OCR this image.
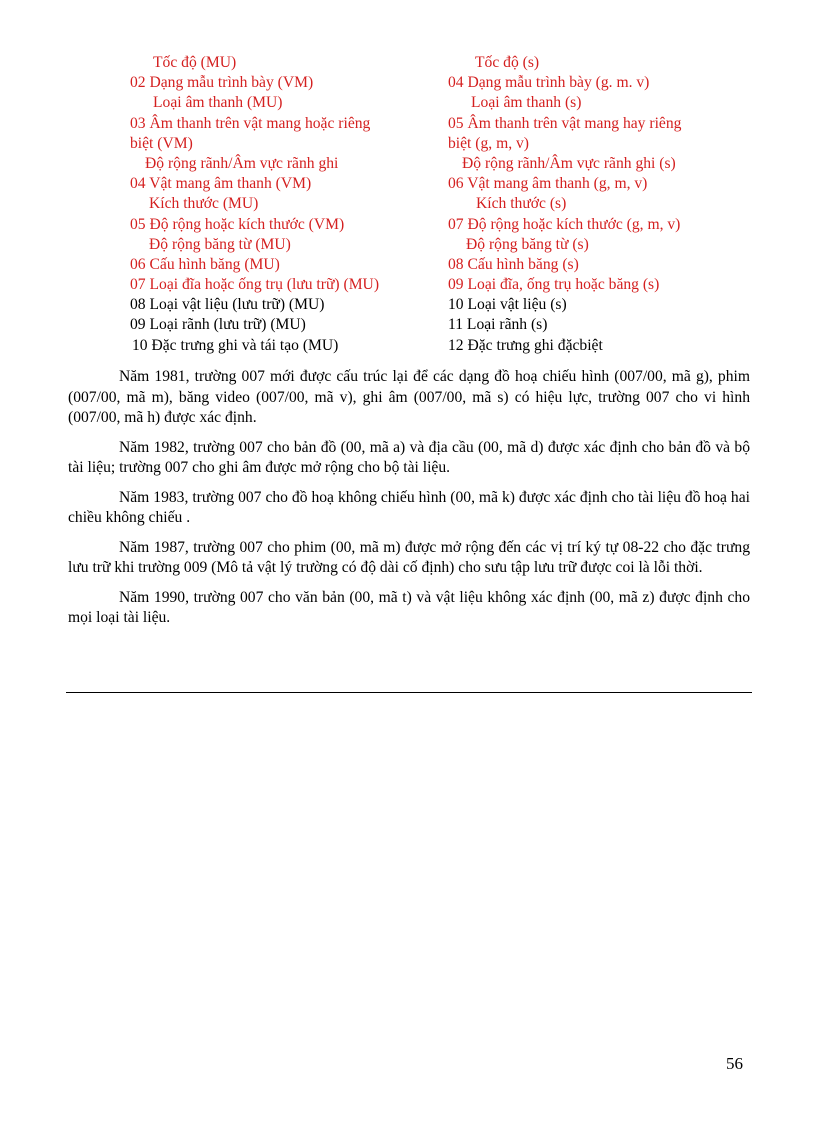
Tốc độ (MU)	Tốc độ (s)
02 Dạng mẫu trình bày (VM)	04 Dạng mẫu trình bày (g. m. v)
Loại âm thanh (MU)	Loại âm thanh (s)
03 Âm thanh trên vật mang hoặc riêng	05 Âm thanh trên vật mang hay riêng
biệt (VM)	biệt (g, m, v)
Độ rộng rãnh/Âm vực rãnh ghi	Độ rộng rãnh/Âm vực rãnh ghi (s)
04 Vật mang âm thanh (VM)	06 Vật mang âm thanh (g, m, v)
Kích thước (MU)	Kích thước (s)
05 Độ rộng hoặc kích thước (VM)	07 Độ rộng hoặc kích thước (g, m, v)
Độ rộng băng từ (MU)	Độ rộng băng từ (s)
06 Cấu hình băng (MU)	08 Cấu hình băng (s)
07 Loại đĩa hoặc ống trụ (lưu trữ) (MU)	09 Loại đĩa, ống trụ hoặc băng (s)
08 Loại vật liệu (lưu trữ) (MU)	10 Loại vật liệu (s)
09 Loại rãnh (lưu trữ) (MU)	11 Loại rãnh (s)
10 Đặc trưng ghi và tái tạo (MU)	12 Đặc trưng ghi đặcbiệt

Năm 1981, trường 007 mới được cấu trúc lại để các dạng đồ hoạ chiếu hình (007/00, mã g), phim (007/00, mã m), băng video (007/00, mã v), ghi âm (007/00, mã s) có hiệu lực, trường 007 cho vi hình (007/00, mã h) được xác định.

Năm 1982, trường 007 cho bản đồ (00, mã a) và địa cầu (00, mã d) được xác định cho bản đồ và bộ tài liệu; trường 007 cho ghi âm được mở rộng cho bộ tài liệu.

Năm 1983, trường 007 cho đồ hoạ không chiếu hình (00, mã k) được xác định cho tài liệu đồ hoạ hai chiều không chiếu .

Năm 1987, trường 007 cho phim (00, mã m) được mở rộng đến các vị trí ký tự 08-22 cho đặc trưng lưu trữ khi trường 009 (Mô tả vật lý trường có độ dài cố định) cho sưu tập lưu trữ được coi là lỗi thời.

Năm 1990, trường 007 cho văn bản (00, mã t) và vật liệu không xác định (00, mã z) được định cho mọi loại tài liệu.

56
